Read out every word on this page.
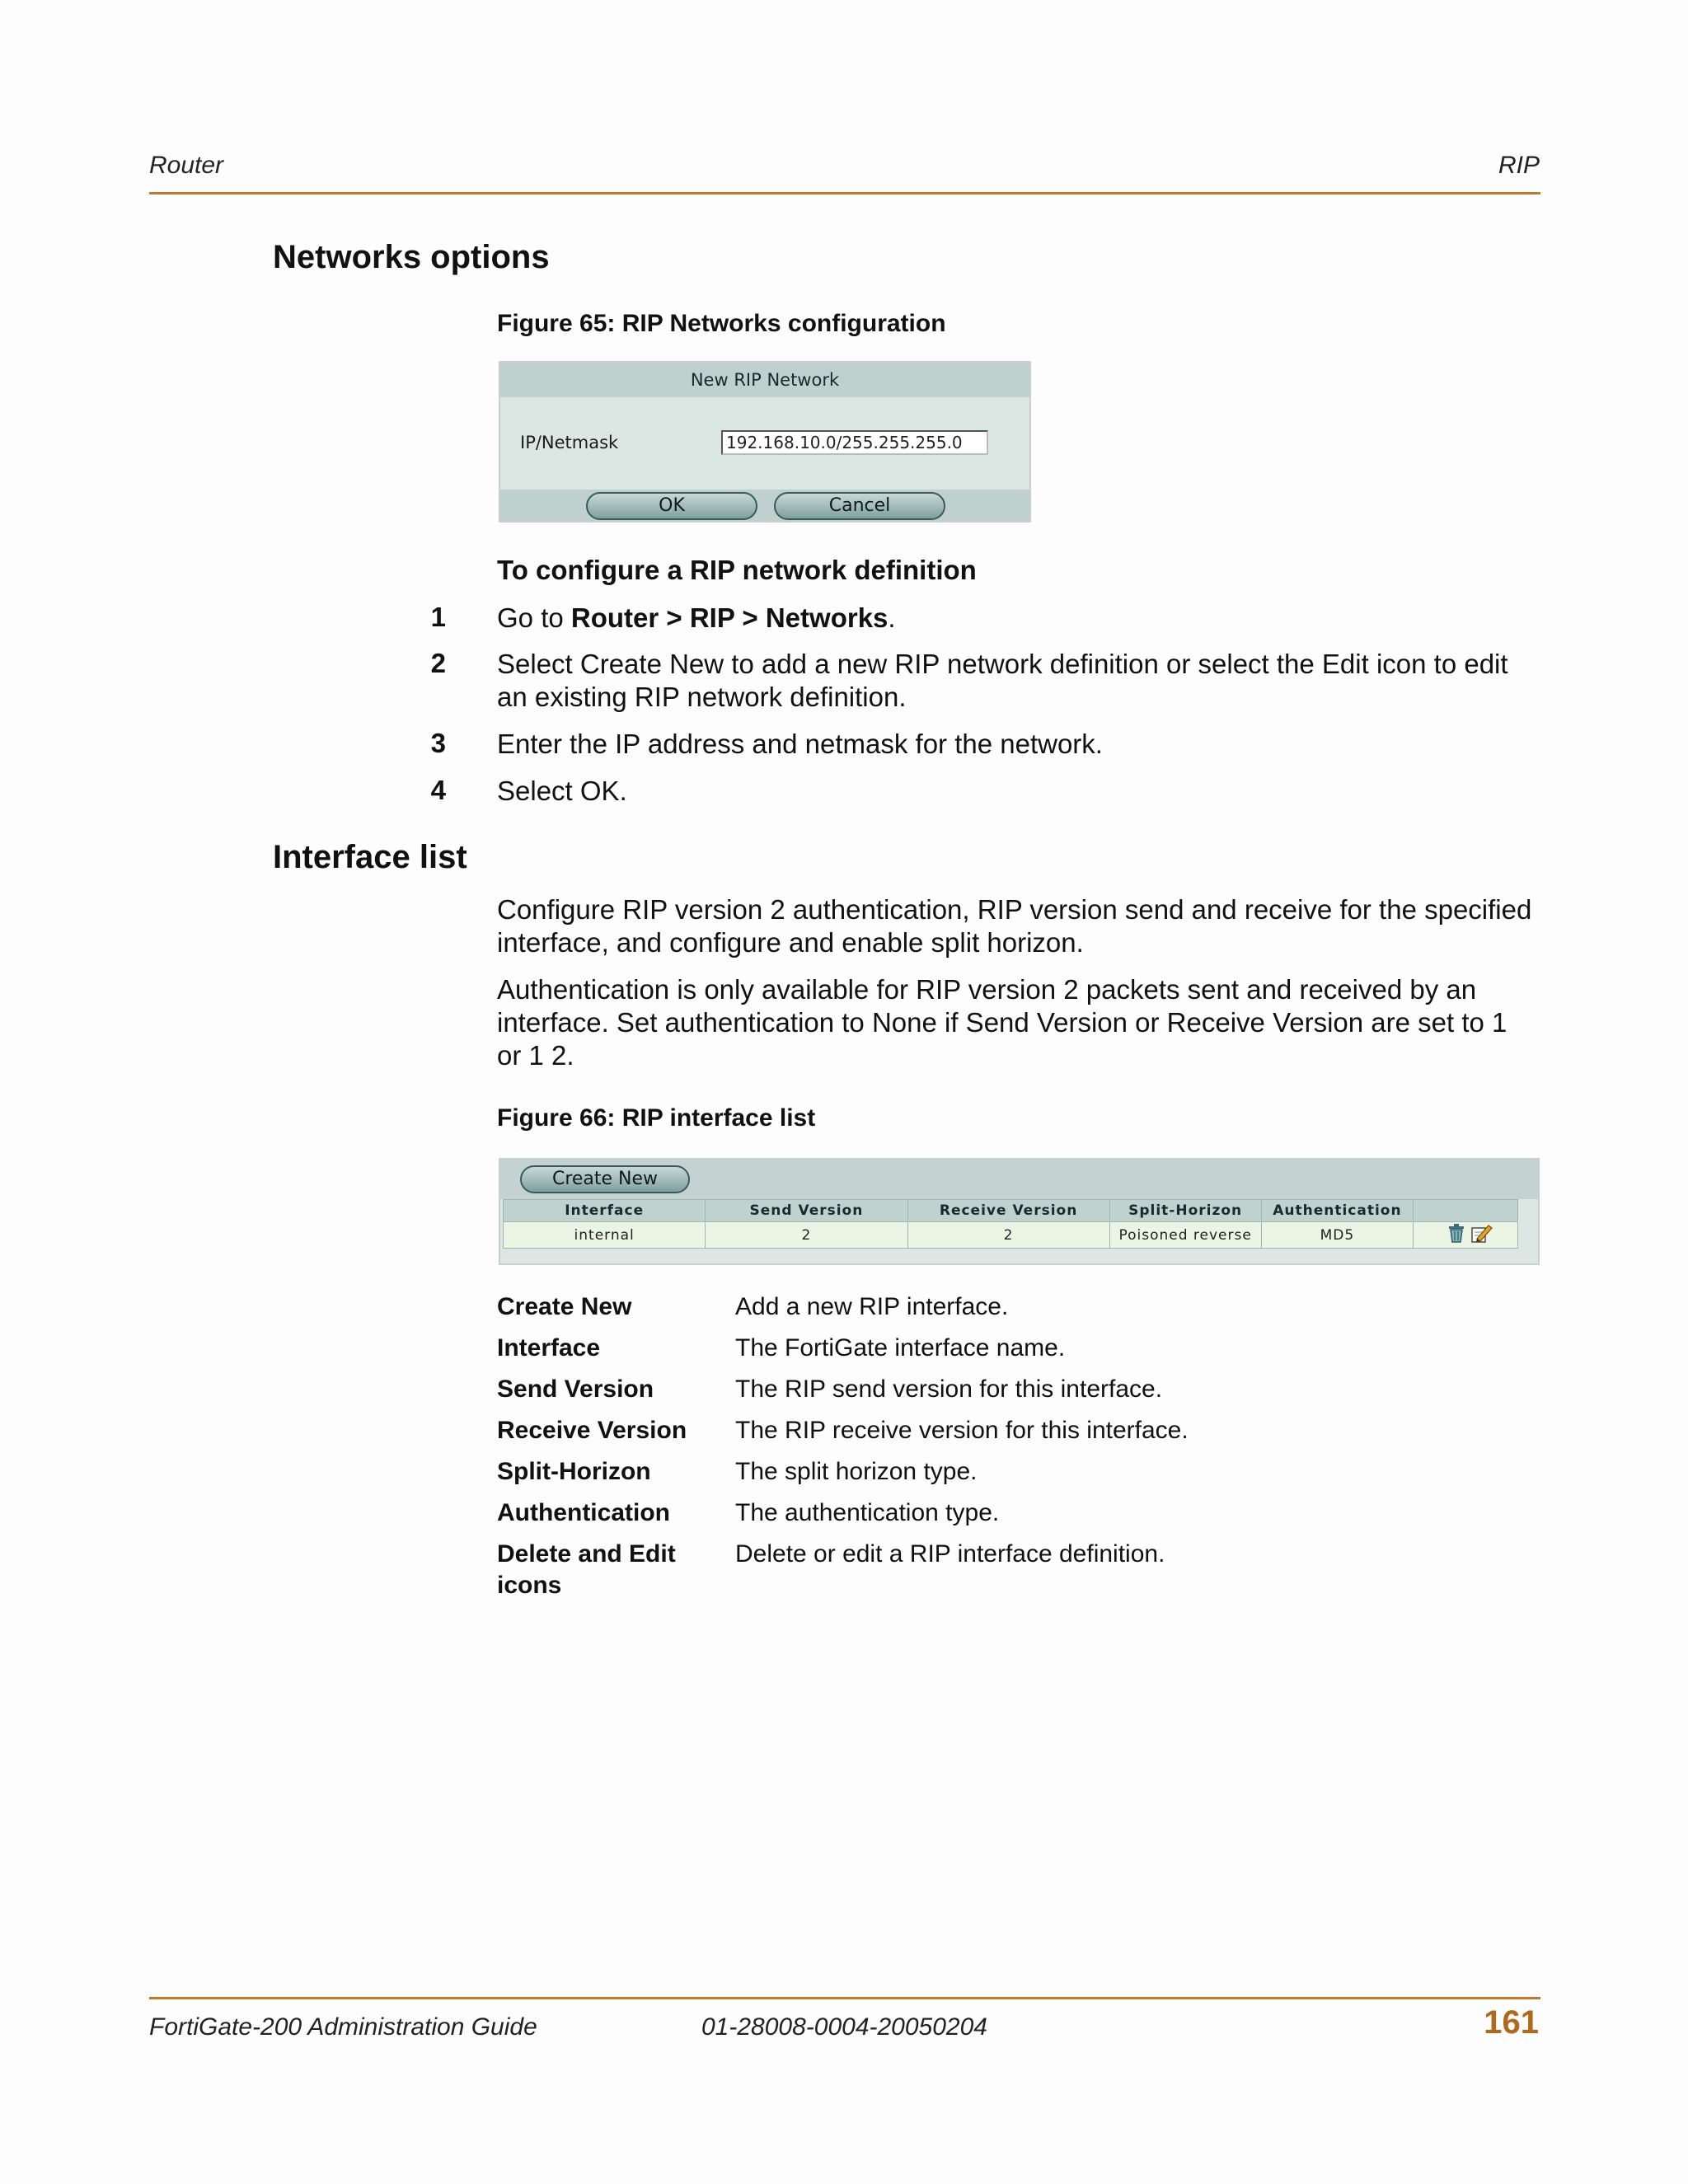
Router	RIP
Networks options
Figure 65: RIP Networks configuration
New RIP Network
IP/Netmask	192.168.10.0/255.255.255.0
OK	Cancel
To configure a RIP network definition
1 Go to Router > RIP > Networks.
2 Select Create New to add a new RIP network definition or select the Edit icon to edit
an existing RIP network definition.
3 Enter the IP address and netmask for the network.
4 Select OK.
Interface list
Configure RIP version 2 authentication, RIP version send and receive for the specified
interface, and configure and enable split horizon.
Authentication is only available for RIP version 2 packets sent and received by an
interface. Set authentication to None if Send Version or Receive Version are set to 1
or 1 2.
Figure 66: RIP interface list
Create New
Interface	Send Version	Receive Version	Split-Horizon	Authentication	
internal	2	2	Poisoned reverse	MD5	
Create New	Add a new RIP interface.
Interface	The FortiGate interface name.
Send Version	The RIP send version for this interface.
Receive Version The RIP receive version for this interface.
Split-Horizon	The split horizon type.
Authentication	The authentication type.
Delete and Edit
icons
Delete or edit a RIP interface definition.
FortiGate-200 Administration Guide	01-28008-0004-20050204	161
